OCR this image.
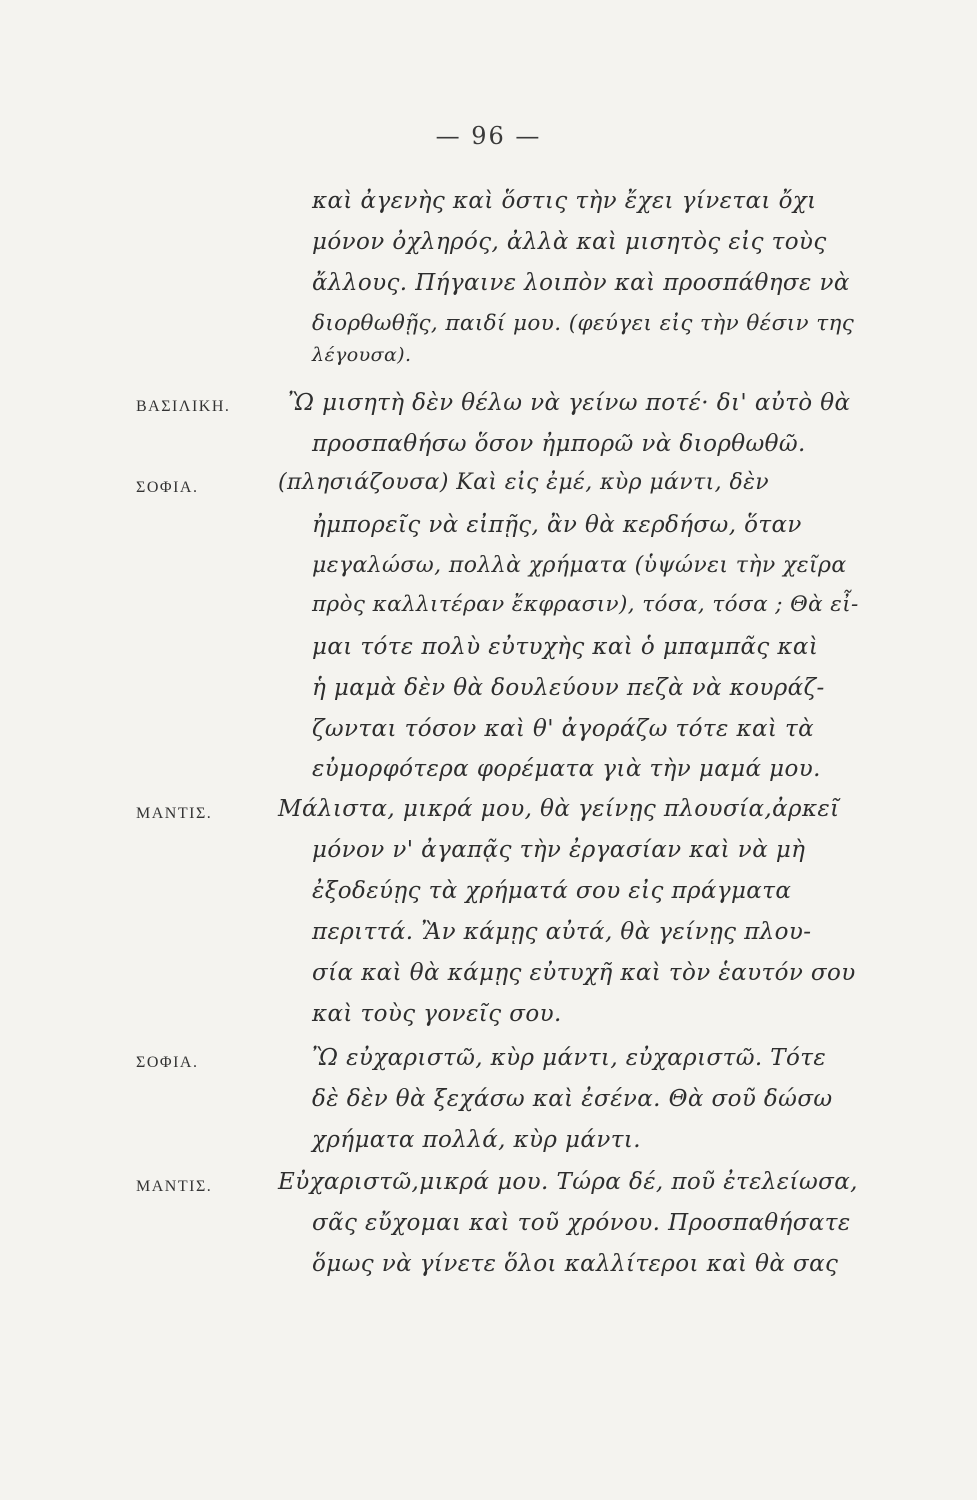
— 96 —
καὶ ἀγενὴς καὶ ὅστις τὴν ἔχει γίνεται ὄχι
μόνον ὀχληρός, ἀλλὰ καὶ μισητὸς εἰς τοὺς
ἄλλους. Πήγαινε λοιπὸν καὶ προσπάθησε νὰ
διορθωθῇς, παιδί μου. (φεύγει εἰς τὴν θέσιν της
λέγουσα).
ΒΑΣΙΛΙΚΗ.	Ὢ μισητὴ δὲν θέλω νὰ γείνω ποτέ· δι' αὐτὸ θὰ
προσπαθήσω ὅσον ἠμπορῶ νὰ διορθωθῶ.
ΣΟΦΙΑ.	(πλησιάζουσα) Καὶ εἰς ἐμέ, κὺρ μάντι, δὲν
ἠμπορεῖς νὰ εἰπῇς, ἂν θὰ κερδήσω, ὅταν
μεγαλώσω, πολλὰ χρήματα (ὑψώνει τὴν χεῖρα
πρὸς καλλιτέραν ἔκφρασιν), τόσα, τόσα ; Θὰ εἶ-
μαι τότε πολὺ εὐτυχὴς καὶ ὁ μπαμπᾶς καὶ
ἡ μαμὰ δὲν θὰ δουλεύουν πεζὰ νὰ κουράζ-
ζωνται τόσον καὶ θ' ἀγοράζω τότε καὶ τὰ
εὐμορφότερα φορέματα γιὰ τὴν μαμά μου.
ΜΑΝΤΙΣ.	Μάλιστα, μικρά μου, θὰ γείνῃς πλουσία,ἀρκεῖ
μόνον ν' ἀγαπᾷς τὴν ἐργασίαν καὶ νὰ μὴ
ἐξοδεύῃς τὰ χρήματά σου εἰς πράγματα
περιττά. Ἂν κάμῃς αὐτά, θὰ γείνῃς πλου-
σία καὶ θὰ κάμῃς εὐτυχῆ καὶ τὸν ἑαυτόν σου
καὶ τοὺς γονεῖς σου.
ΣΟΦΙΑ.	Ὢ εὐχαριστῶ, κὺρ μάντι, εὐχαριστῶ. Τότε
δὲ δὲν θὰ ξεχάσω καὶ ἐσένα. Θὰ σοῦ δώσω
χρήματα πολλά, κὺρ μάντι.
ΜΑΝΤΙΣ.	Εὐχαριστῶ,μικρά μου. Τώρα δέ, ποῦ ἐτελείωσα,
σᾶς εὔχομαι καὶ τοῦ χρόνου. Προσπαθήσατε
ὅμως νὰ γίνετε ὅλοι καλλίτεροι καὶ θὰ σας
